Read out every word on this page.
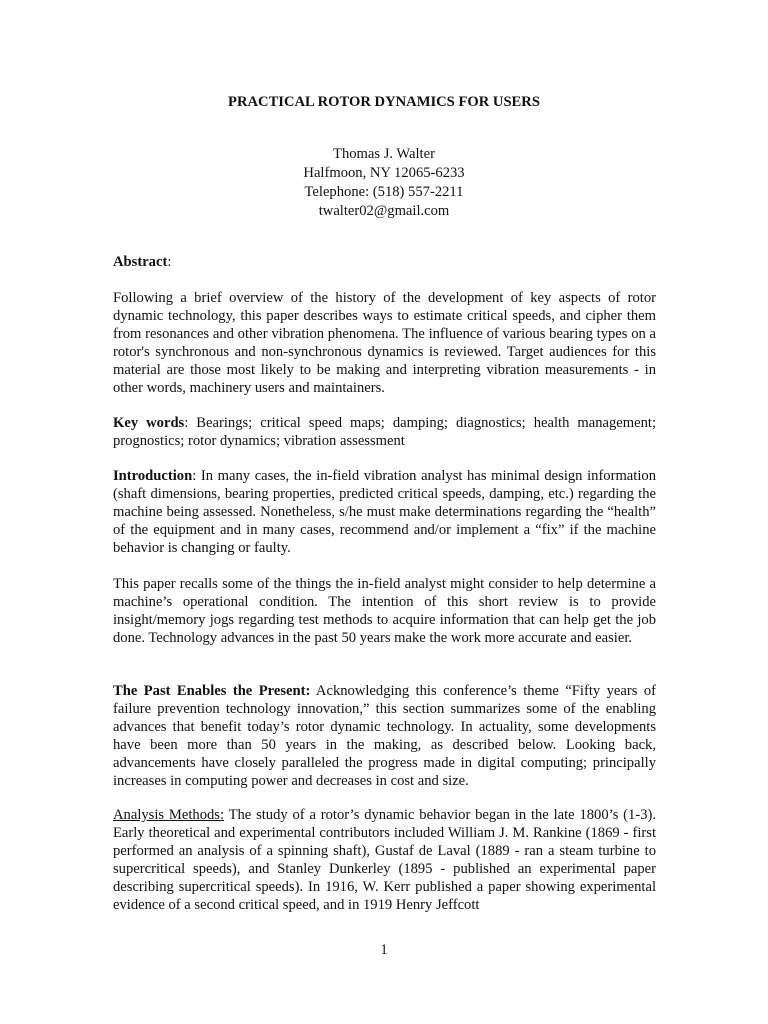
PRACTICAL ROTOR DYNAMICS FOR USERS
Thomas J. Walter
Halfmoon, NY 12065-6233
Telephone: (518) 557-2211
twalter02@gmail.com
Abstract:
Following a brief overview of the history of the development of key aspects of rotor dynamic technology, this paper describes ways to estimate critical speeds, and cipher them from resonances and other vibration phenomena. The influence of various bearing types on a rotor's synchronous and non-synchronous dynamics is reviewed. Target audiences for this material are those most likely to be making and interpreting vibration measurements - in other words, machinery users and maintainers.
Key words: Bearings; critical speed maps; damping; diagnostics; health management; prognostics; rotor dynamics; vibration assessment
Introduction: In many cases, the in-field vibration analyst has minimal design information (shaft dimensions, bearing properties, predicted critical speeds, damping, etc.) regarding the machine being assessed. Nonetheless, s/he must make determinations regarding the “health” of the equipment and in many cases, recommend and/or implement a “fix” if the machine behavior is changing or faulty.
This paper recalls some of the things the in-field analyst might consider to help determine a machine’s operational condition. The intention of this short review is to provide insight/memory jogs regarding test methods to acquire information that can help get the job done. Technology advances in the past 50 years make the work more accurate and easier.
The Past Enables the Present: Acknowledging this conference’s theme “Fifty years of failure prevention technology innovation,” this section summarizes some of the enabling advances that benefit today’s rotor dynamic technology. In actuality, some developments have been more than 50 years in the making, as described below. Looking back, advancements have closely paralleled the progress made in digital computing; principally increases in computing power and decreases in cost and size.
Analysis Methods: The study of a rotor’s dynamic behavior began in the late 1800’s (1-3). Early theoretical and experimental contributors included William J. M. Rankine (1869 - first performed an analysis of a spinning shaft), Gustaf de Laval (1889 - ran a steam turbine to supercritical speeds), and Stanley Dunkerley (1895 - published an experimental paper describing supercritical speeds). In 1916, W. Kerr published a paper showing experimental evidence of a second critical speed, and in 1919 Henry Jeffcott
1
